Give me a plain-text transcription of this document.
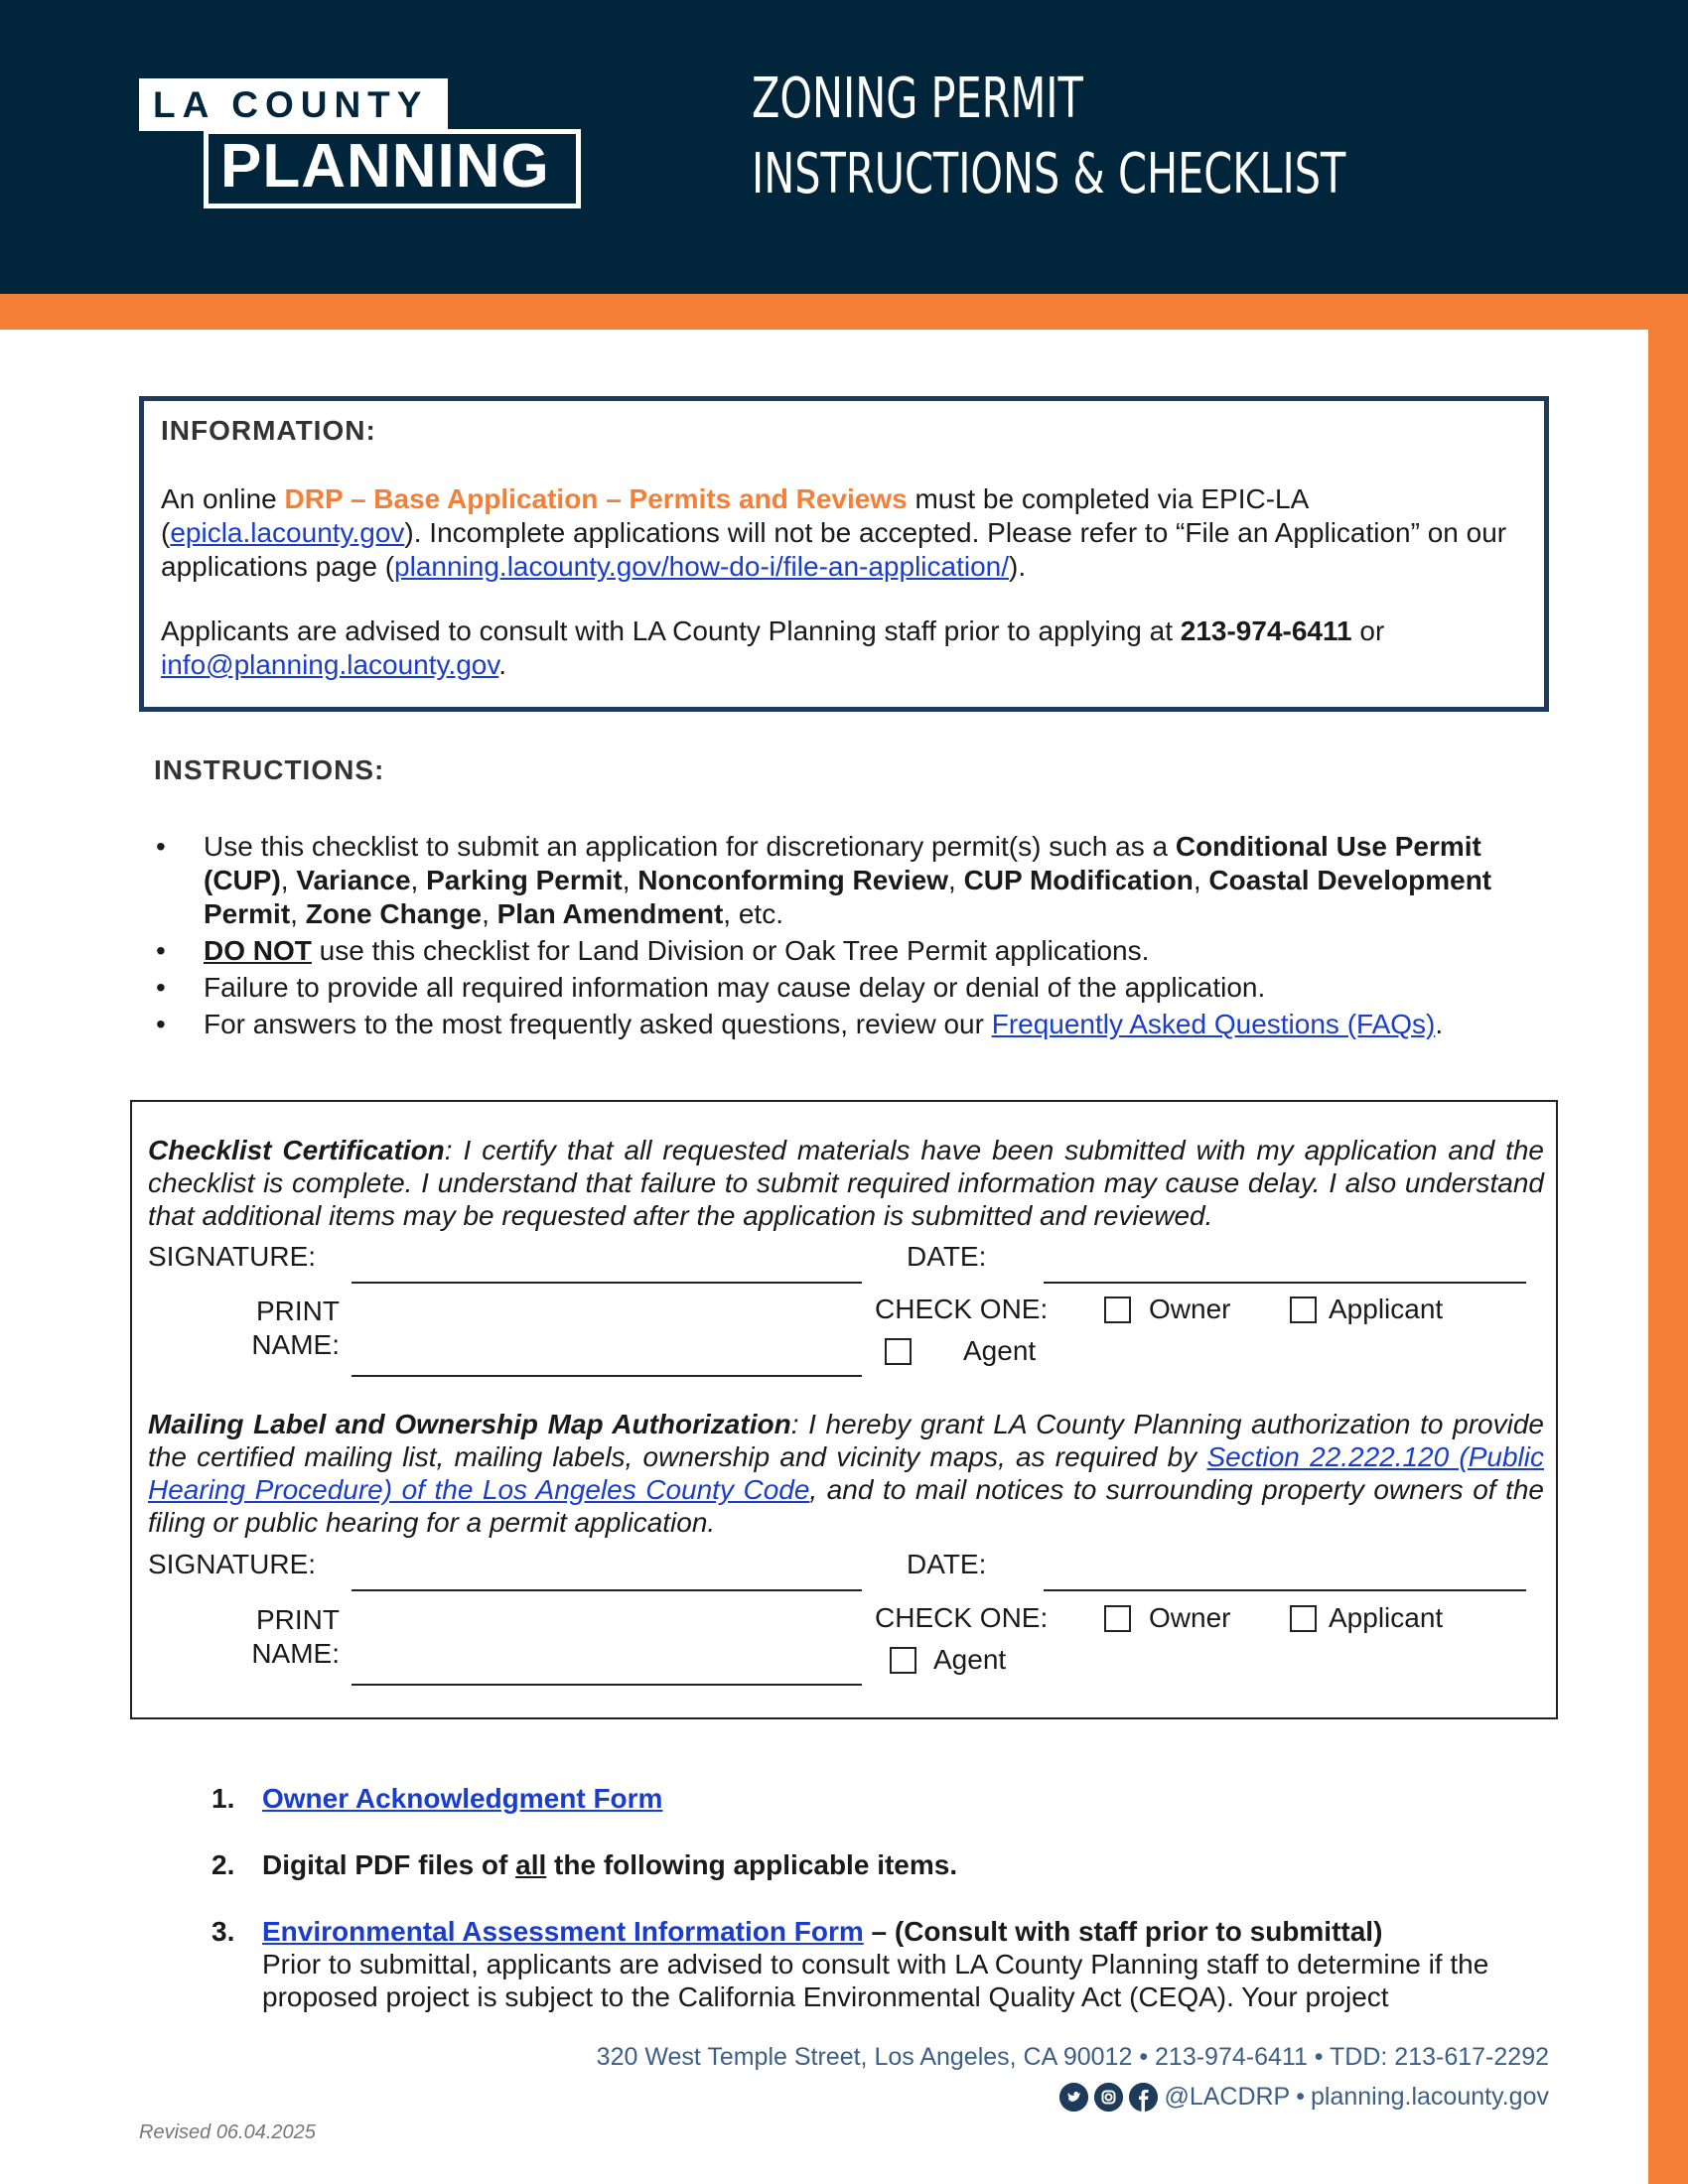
LA COUNTY
PLANNING
ZONING PERMIT
INSTRUCTIONS & CHECKLIST
INFORMATION:

An online DRP – Base Application – Permits and Reviews must be completed via EPIC-LA (epicla.lacounty.gov). Incomplete applications will not be accepted. Please refer to “File an Application” on our applications page (planning.lacounty.gov/how-do-i/file-an-application/).

Applicants are advised to consult with LA County Planning staff prior to applying at 213-974-6411 or info@planning.lacounty.gov.

INSTRUCTIONS:
• Use this checklist to submit an application for discretionary permit(s) such as a Conditional Use Permit (CUP), Variance, Parking Permit, Nonconforming Review, CUP Modification, Coastal Development Permit, Zone Change, Plan Amendment, etc.
• DO NOT use this checklist for Land Division or Oak Tree Permit applications.
• Failure to provide all required information may cause delay or denial of the application.
• For answers to the most frequently asked questions, review our Frequently Asked Questions (FAQs).
Checklist Certification: I certify that all requested materials have been submitted with my application and the checklist is complete. I understand that failure to submit required information may cause delay. I also understand that additional items may be requested after the application is submitted and reviewed.
SIGNATURE:	DATE:
PRINT
NAME:
CHECK ONE:	Owner	Applicant
Agent
Mailing Label and Ownership Map Authorization: I hereby grant LA County Planning authorization to provide the certified mailing list, mailing labels, ownership and vicinity maps, as required by Section 22.222.120 (Public Hearing Procedure) of the Los Angeles County Code, and to mail notices to surrounding property owners of the filing or public hearing for a permit application.
SIGNATURE:	DATE:
PRINT
NAME:
CHECK ONE:	Owner	Applicant
Agent
1. Owner Acknowledgment Form
2. Digital PDF files of all the following applicable items.
3. Environmental Assessment Information Form – (Consult with staff prior to submittal)
Prior to submittal, applicants are advised to consult with LA County Planning staff to determine if the proposed project is subject to the California Environmental Quality Act (CEQA). Your project
320 West Temple Street, Los Angeles, CA 90012 • 213-974-6411 • TDD: 213-617-2292
@LACDRP • planning.lacounty.gov
Revised 06.04.2025
